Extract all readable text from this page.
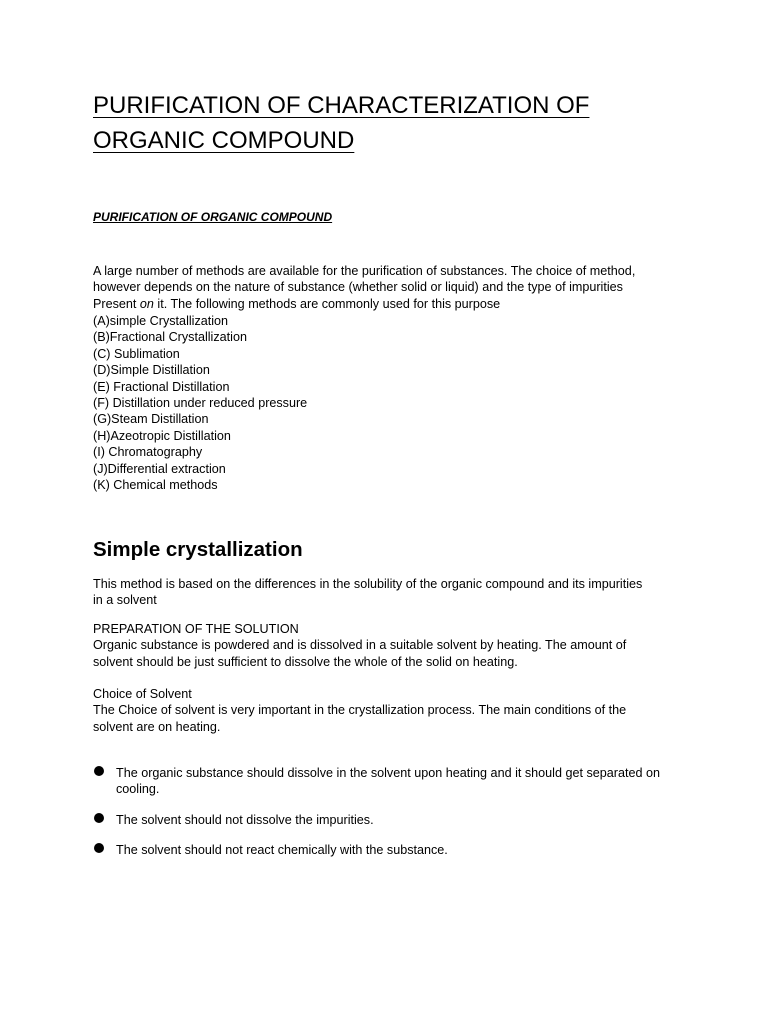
PURIFICATION OF CHARACTERIZATION OF
ORGANIC COMPOUND

PURIFICATION OF ORGANIC COMPOUND

A large number of methods are available for the purification of substances. The choice of method,
however depends on the nature of substance (whether solid or liquid) and the type of impurities
Present on it. The following methods are commonly used for this purpose

(A)simple Crystallization
(B)Fractional Crystallization
(C) Sublimation
(D)Simple Distillation
(E) Fractional Distillation
(F) Distillation under reduced pressure
(G)Steam Distillation
(H)Azeotropic Distillation
(I) Chromatography
(J)Differential extraction
(K) Chemical methods
Simple crystallization

This method is based on the differences in the solubility of the organic compound and its impurities
in a solvent

PREPARATION OF THE SOLUTION
Organic substance is powdered and is dissolved in a suitable solvent by heating. The amount of
solvent should be just sufficient to dissolve the whole of the solid on heating.

Choice of Solvent
The Choice of solvent is very important in the crystallization process. The main conditions of the
solvent are on heating.

The organic substance should dissolve in the solvent upon heating and it should get separated on
cooling.
The solvent should not dissolve the impurities.
The solvent should not react chemically with the substance.
